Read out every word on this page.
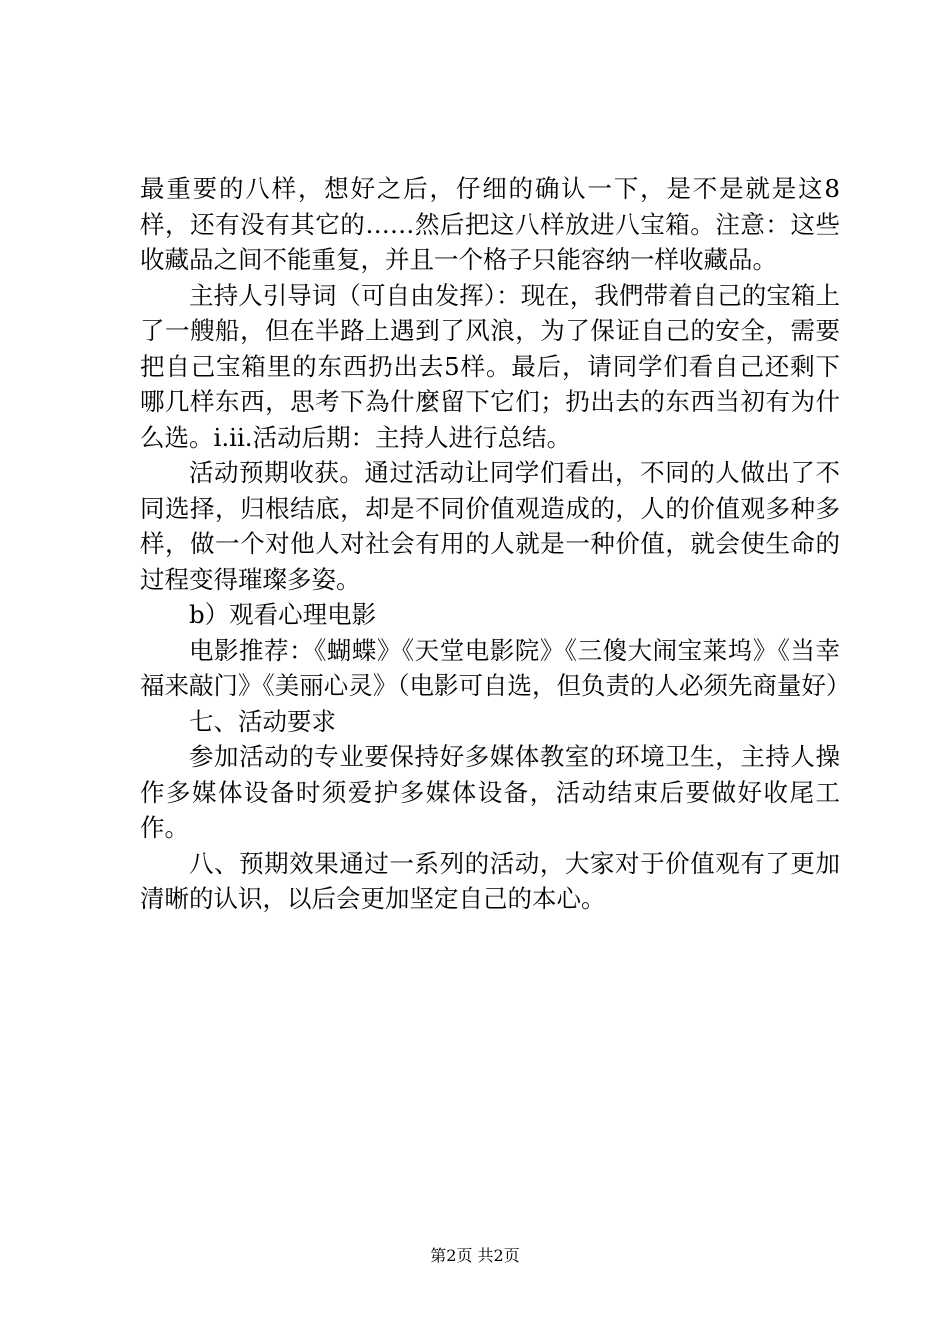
最重要的八样，想好之后，仔细的确认一下，是不是就是这8样，还有没有其它的……然后把这八样放进八宝箱。注意：这些收藏品之间不能重复，并且一个格子只能容纳一样收藏品。

主持人引导词（可自由发挥）：现在，我們带着自己的宝箱上了一艘船，但在半路上遇到了风浪，为了保证自己的安全，需要把自己宝箱里的东西扔出去5样。最后，请同学们看自己还剩下哪几样东西，思考下為什麼留下它们；扔出去的东西当初有为什么选。i.ii.活动后期：主持人进行总结。

活动预期收获。通过活动让同学们看出，不同的人做出了不同选择，归根结底，却是不同价值观造成的，人的价值观多种多样，做一个对他人对社会有用的人就是一种价值，就会使生命的过程变得璀璨多姿。

b）观看心理电影

电影推荐：《蝴蝶》《天堂电影院》《三傻大闹宝莱坞》《当幸福来敲门》《美丽心灵》（电影可自选，但负责的人必须先商量好）

七、活动要求

参加活动的专业要保持好多媒体教室的环境卫生，主持人操作多媒体设备时须爱护多媒体设备，活动结束后要做好收尾工作。

八、预期效果通过一系列的活动，大家对于价值观有了更加清晰的认识，以后会更加坚定自己的本心。

第2页 共2页
